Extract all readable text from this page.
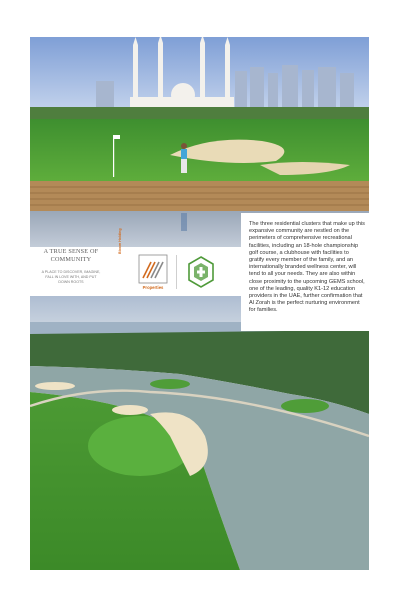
A TRUE SENSE OF COMMUNITY
A PLACE TO DISCOVER, IMAGINE, FALL IN LOVE WITH, AND PUT DOWN ROOTS
Bloom Holding
Properties

The three residential clusters that make up this expansive community are nestled on the perimeters of comprehensive recreational facilities, including an 18-hole championship golf course, a clubhouse with facilities to gratify every member of the family, and an internationally branded wellness center, will tend to all your needs. They are also within close proximity to the upcoming GEMS school, one of the leading, quality K1-12 education providers in the UAE, further confirmation that Al Zorah is the perfect nurturing environment for families.
